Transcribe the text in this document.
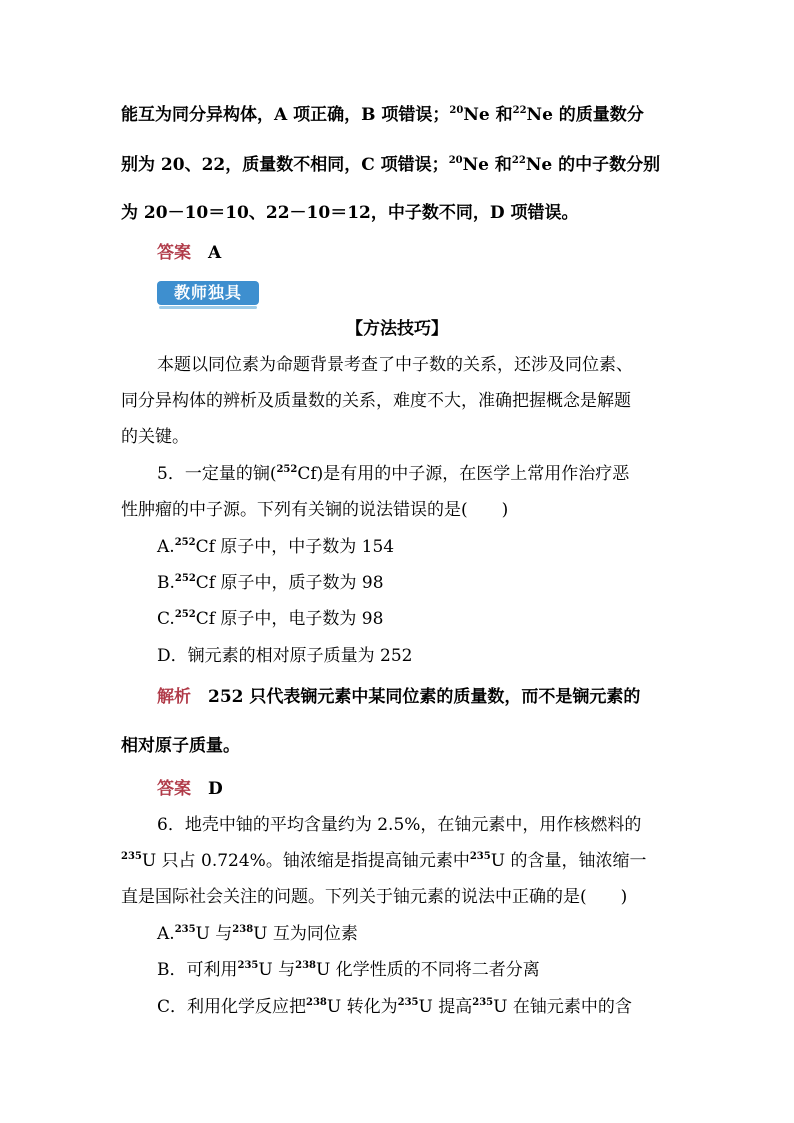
能互为同分异构体，A 项正确，B 项错误；$^{20}$Ne 和$^{22}$Ne 的质量数分
别为 20、22，质量数不相同，C 项错误；$^{20}$Ne 和$^{22}$Ne 的中子数分别
为 20－10＝10、22－10＝12，中子数不同，D 项错误。
答案　 A
教师独具
【方法技巧】
本题以同位素为命题背景考查了中子数的关系，还涉及同位素、
同分异构体的辨析及质量数的关系，难度不大，准确把握概念是解题
的关键。
5．一定量的锎($^{252}$Cf)是有用的中子源，在医学上常用作治疗恶
性肿瘤的中子源。下列有关锎的说法错误的是(　　)
A.$^{252}$Cf 原子中，中子数为 154
B.$^{252}$Cf 原子中，质子数为 98
C.$^{252}$Cf 原子中，电子数为 98
D．锎元素的相对原子质量为 252
解析　 252 只代表锎元素中某同位素的质量数，而不是锎元素的
相对原子质量。
答案　 D
6．地壳中铀的平均含量约为 2.5%，在铀元素中，用作核燃料的
$^{235}$U 只占 0.724%。铀浓缩是指提高铀元素中$^{235}$U 的含量，铀浓缩一
直是国际社会关注的问题。下列关于铀元素的说法中正确的是(　　)
A.$^{235}$U 与$^{238}$U 互为同位素
B．可利用$^{235}$U 与$^{238}$U 化学性质的不同将二者分离
C．利用化学反应把$^{238}$U 转化为$^{235}$U 提高$^{235}$U 在铀元素中的含
